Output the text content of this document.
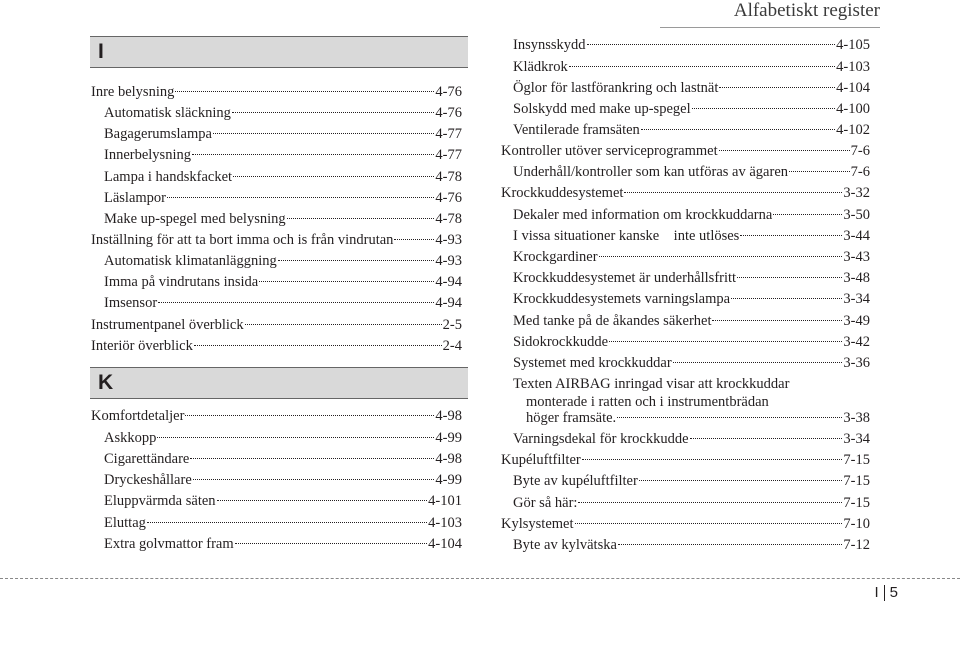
Alfabetiskt register
I
K
Inre belysning	4-76
Automatisk släckning	4-76
Bagagerumslampa	4-77
Innerbelysning	4-77
Lampa i handskfacket	4-78
Läslampor	4-76
Make up-spegel med belysning	4-78
Inställning för att ta bort imma och is från vindrutan	4-93
Automatisk klimatanläggning	4-93
Imma på vindrutans insida	4-94
Imsensor	4-94
Instrumentpanel överblick	2-5
Interiör överblick	2-4
Komfortdetaljer	4-98
Askkopp	4-99
Cigarettändare	4-98
Dryckeshållare	4-99
Eluppvärmda säten	4-101
Eluttag	4-103
Extra golvmattor fram	4-104
Insynsskydd	4-105
Klädkrok	4-103
Öglor för lastförankring och lastnät	4-104
Solskydd med make up-spegel	4-100
Ventilerade framsäten	4-102
Kontroller utöver serviceprogrammet	7-6
Underhåll/kontroller som kan utföras av ägaren	7-6
Krockkuddesystemet	3-32
Dekaler med information om krockkuddarna	3-50
I vissa situationer kanske    inte utlöses	3-44
Krockgardiner	3-43
Krockkuddesystemet är underhållsfritt	3-48
Krockkuddesystemets varningslampa	3-34
Med tanke på de åkandes säkerhet	3-49
Sidokrockkudde	3-42
Systemet med krockkuddar	3-36
Texten AIRBAG inringad visar att krockkuddar
monterade i ratten och i instrumentbrädan
höger framsäte.	3-38
Varningsdekal för krockkudde	3-34
Kupéluftfilter	7-15
Byte av kupéluftfilter	7-15
Gör så här:	7-15
Kylsystemet	7-10
Byte av kylvätska	7-12
I 5
